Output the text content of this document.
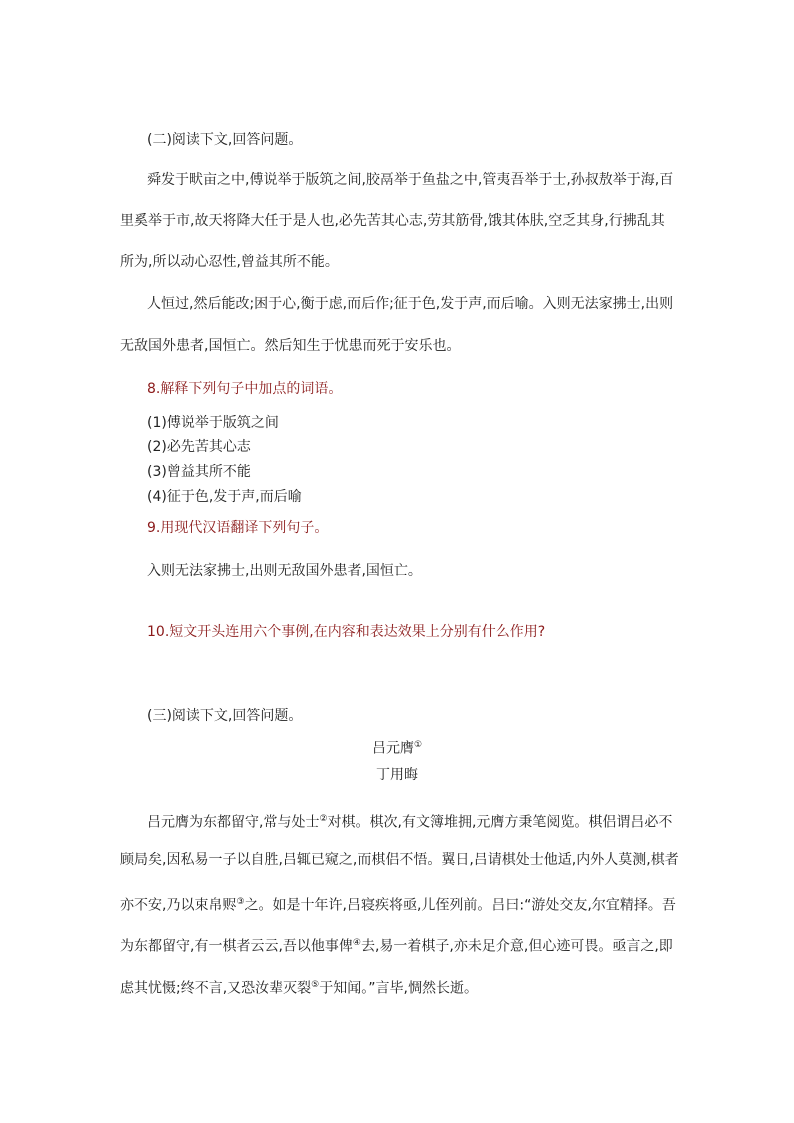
(二)阅读下文,回答问题。
舜发于畎亩之中,傅说举于版筑之间,胶鬲举于鱼盐之中,管夷吾举于士,孙叔敖举于海,百
里奚举于市,故天将降大任于是人也,必先苦其心志,劳其筋骨,饿其体肤,空乏其身,行拂乱其
所为,所以动心忍性,曾益其所不能。
人恒过,然后能改;困于心,衡于虑,而后作;征于色,发于声,而后喻。入则无法家拂士,出则
无敌国外患者,国恒亡。然后知生于忧患而死于安乐也。
8.解释下列句子中加点的词语。
(1)傅说举于版筑之间
(2)必先苦其心志
(3)曾益其所不能
(4)征于色,发于声,而后喻
9.用现代汉语翻译下列句子。
入则无法家拂士,出则无敌国外患者,国恒亡。
10.短文开头连用六个事例,在内容和表达效果上分别有什么作用?
(三)阅读下文,回答问题。
吕元膺①
丁用晦
吕元膺为东都留守,常与处士②对棋。棋次,有文簿堆拥,元膺方秉笔阅览。棋侣谓吕必不
顾局矣,因私易一子以自胜,吕辄已窥之,而棋侣不悟。翼日,吕请棋处士他适,内外人莫测,棋者
亦不安,乃以束帛赆③之。如是十年许,吕寝疾将亟,儿侄列前。吕曰:“游处交友,尔宜精择。吾
为东都留守,有一棋者云云,吾以他事俾④去,易一着棋子,亦未足介意,但心迹可畏。亟言之,即
虑其忧慑;终不言,又恐汝辈灭裂⑤于知闻。”言毕,惆然长逝。
